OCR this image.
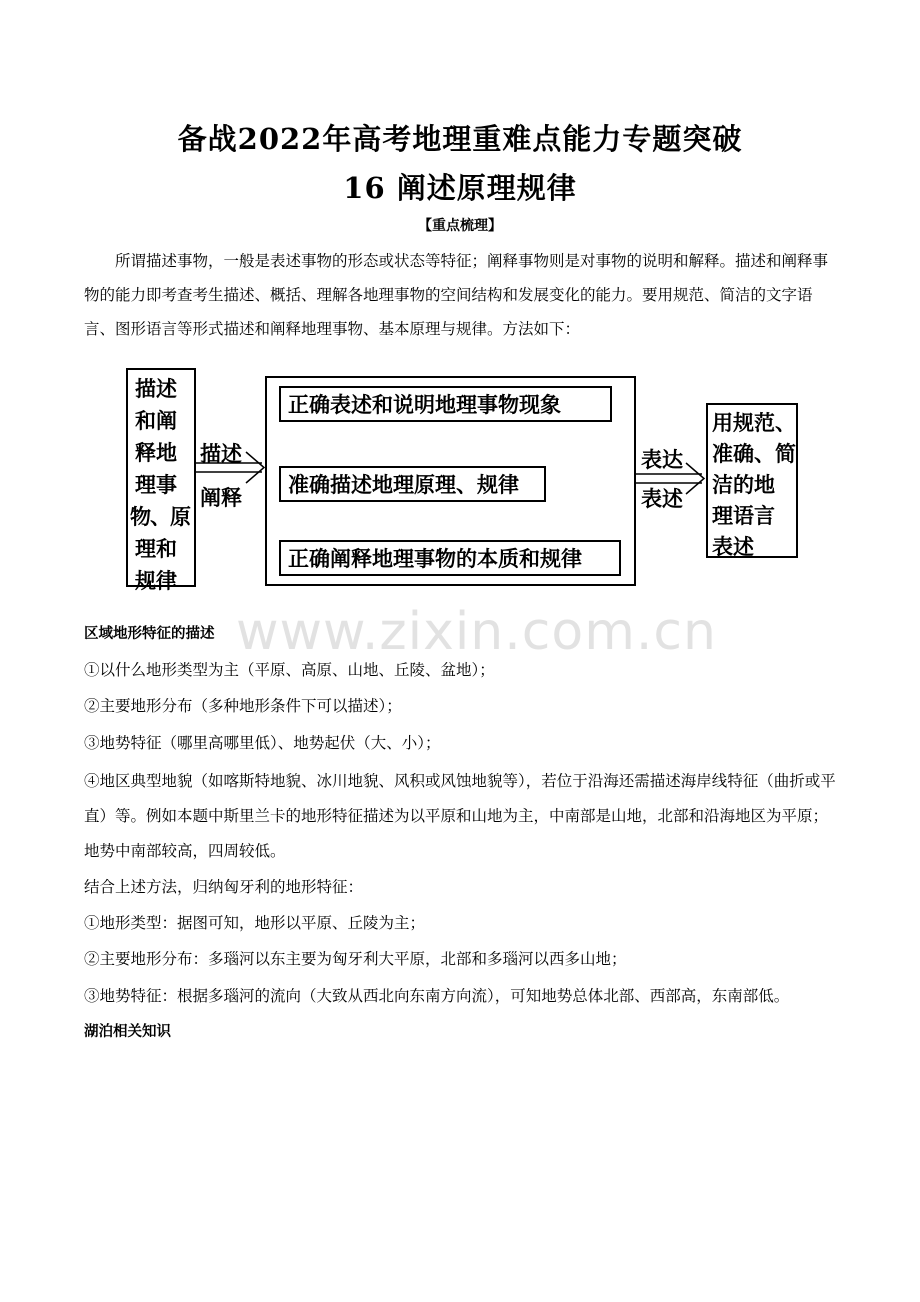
备战2022年高考地理重难点能力专题突破
16 阐述原理规律
【重点梳理】
所谓描述事物，一般是表述事物的形态或状态等特征；阐释事物则是对事物的说明和解释。描述和阐释事物的能力即考查考生描述、概括、理解各地理事物的空间结构和发展变化的能力。要用规范、简洁的文字语言、图形语言等形式描述和阐释地理事物、基本原理与规律。方法如下：
描述
和阐
释地
理事
物、原
理和
规律
描述
阐释
正确表述和说明地理事物现象
准确描述地理原理、规律
正确阐释地理事物的本质和规律
表达
表述
用规范、
准确、简
洁的地
理语言
表述
www.zixin.com.cn
区域地形特征的描述
①以什么地形类型为主（平原、高原、山地、丘陵、盆地）；
②主要地形分布（多种地形条件下可以描述）；
③地势特征（哪里高哪里低）、地势起伏（大、小）；
④地区典型地貌（如喀斯特地貌、冰川地貌、风积或风蚀地貌等），若位于沿海还需描述海岸线特征（曲折或平直）等。例如本题中斯里兰卡的地形特征描述为以平原和山地为主，中南部是山地，北部和沿海地区为平原；地势中南部较高，四周较低。
结合上述方法，归纳匈牙利的地形特征：
①地形类型：据图可知，地形以平原、丘陵为主；
②主要地形分布：多瑙河以东主要为匈牙利大平原，北部和多瑙河以西多山地；
③地势特征：根据多瑙河的流向（大致从西北向东南方向流），可知地势总体北部、西部高，东南部低。
湖泊相关知识
